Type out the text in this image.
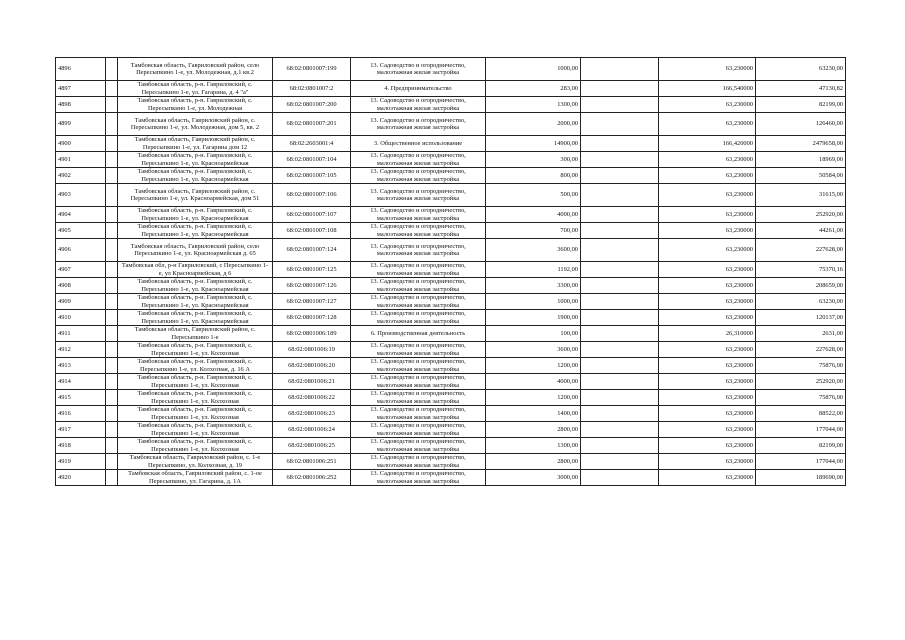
4896		Тамбовская область, Гавриловский район, село Пересыпкино 1-е, ул. Молодежная, д.1 кв.2	68:02:0801007:199	13. Садоводство и огородничество, малоэтажная жилая застройка	1000,00		63,230000	63230,00
4897		Тамбовская область, р-н. Гавриловский, с. Пересыпкино 1-е, ул. Гагарина, д. 4 "а"	68:02:0801007:2	4. Предпринимательство	283,00		166,540000	47130,82
4898		Тамбовская область, р-н. Гавриловский, с. Пересыпкино 1-е, ул. Молодежная	68:02:0801007:200	13. Садоводство и огородничество, малоэтажная жилая застройка	1300,00		63,230000	82199,00
4899		Тамбовская область, Гавриловский район, с. Пересыпкино 1-е, ул. Молодежная, дом 5, кв. 2	68:02:0801007:201	13. Садоводство и огородничество, малоэтажная жилая застройка	2000,00		63,230000	126460,00
4900		Тамбовская область, Гавриловский район, с. Пересыпкино 1-е, ул. Гагарина дом 12	68:02:2603001:4	3. Общественное использование	14900,00		166,420000	2479658,00
4901		Тамбовская область, р-н. Гавриловский, с. Пересыпкино 1-е, ул. Красноармейская	68:02:0801007:104	13. Садоводство и огородничество, малоэтажная жилая застройка	300,00		63,230000	18969,00
4902		Тамбовская область, р-н. Гавриловский, с. Пересыпкино 1-е, ул. Красноармейская	68:02:0801007:105	13. Садоводство и огородничество, малоэтажная жилая застройка	800,00		63,230000	50584,00
4903		Тамбовская область, Гавриловский район, с. Пересыпкино 1-е, ул. Красноармейская, дом 51	68:02:0801007:106	13. Садоводство и огородничество, малоэтажная жилая застройка	500,00		63,230000	31615,00
4904		Тамбовская область, р-н. Гавриловский, с. Пересыпкино 1-е, ул. Красноармейская	68:02:0801007:107	13. Садоводство и огородничество, малоэтажная жилая застройка	4000,00		63,230000	252920,00
4905		Тамбовская область, р-н. Гавриловский, с. Пересыпкино 1-е, ул. Красноармейская	68:02:0801007:108	13. Садоводство и огородничество, малоэтажная жилая застройка	700,00		63,230000	44261,00
4906		Тамбовская область, Гавриловский район, село Пересыпкино 1-е, ул. Красноармейская д. 65	68:02:0801007:124	13. Садоводство и огородничество, малоэтажная жилая застройка	3600,00		63,230000	227628,00
4907		Тамбовская обл, р-н Гавриловский, с Пересыпкино 1-е, ул Красноармейская, д 6	68:02:0801007:125	13. Садоводство и огородничество, малоэтажная жилая застройка	1192,00		63,230000	75370,16
4908		Тамбовская область, р-н. Гавриловский, с. Пересыпкино 1-е, ул. Красноармейская	68:02:0801007:126	13. Садоводство и огородничество, малоэтажная жилая застройка	3300,00		63,230000	208659,00
4909		Тамбовская область, р-н. Гавриловский, с. Пересыпкино 1-е, ул. Красноармейская	68:02:0801007:127	13. Садоводство и огородничество, малоэтажная жилая застройка	1000,00		63,230000	63230,00
4910		Тамбовская область, р-н. Гавриловский, с. Пересыпкино 1-е, ул. Красноармейская	68:02:0801007:128	13. Садоводство и огородничество, малоэтажная жилая застройка	1900,00		63,230000	120137,00
4911		Тамбовская область, Гавриловский район, с. Пересыпкино 1-е	68:02:0801006:189	6. Производственная деятельность	100,00		26,310000	2631,00
4912		Тамбовская область, р-н. Гавриловский, с. Пересыпкино 1-е, ул. Колхозная	68:02:0801006:19	13. Садоводство и огородничество, малоэтажная жилая застройка	3600,00		63,230000	227628,00
4913		Тамбовская область, р-н. Гавриловский, с. Пересыпкино 1-е, ул. Колхозная, д. 16 А	68:02:0801006:20	13. Садоводство и огородничество, малоэтажная жилая застройка	1200,00		63,230000	75876,00
4914		Тамбовская область, р-н. Гавриловский, с. Пересыпкино 1-е, ул. Колхозная	68:02:0801006:21	13. Садоводство и огородничество, малоэтажная жилая застройка	4000,00		63,230000	252920,00
4915		Тамбовская область, р-н. Гавриловский, с. Пересыпкино 1-е, ул. Колхозная	68:02:0801006:22	13. Садоводство и огородничество, малоэтажная жилая застройка	1200,00		63,230000	75876,00
4916		Тамбовская область, р-н. Гавриловский, с. Пересыпкино 1-е, ул. Колхозная	68:02:0801006:23	13. Садоводство и огородничество, малоэтажная жилая застройка	1400,00		63,230000	88522,00
4917		Тамбовская область, р-н. Гавриловский, с. Пересыпкино 1-е, ул. Колхозная	68:02:0801006:24	13. Садоводство и огородничество, малоэтажная жилая застройка	2800,00		63,230000	177044,00
4918		Тамбовская область, р-н. Гавриловский, с. Пересыпкино 1-е, ул. Колхозная	68:02:0801006:25	13. Садоводство и огородничество, малоэтажная жилая застройка	1300,00		63,230000	82199,00
4919		Тамбовская область, Гавриловский район, с. 1-е Пересыпкино, ул. Колхозная, д. 19	68:02:0801006:251	13. Садоводство и огородничество, малоэтажная жилая застройка	2800,00		63,230000	177044,00
4920		Тамбовская область, Гавриловский район, с. 1-ое Пересыпкино, ул. Гагарина, д. 1А	68:02:0801006:252	13. Садоводство и огородничество, малоэтажная жилая застройка	3000,00		63,230000	189690,00
